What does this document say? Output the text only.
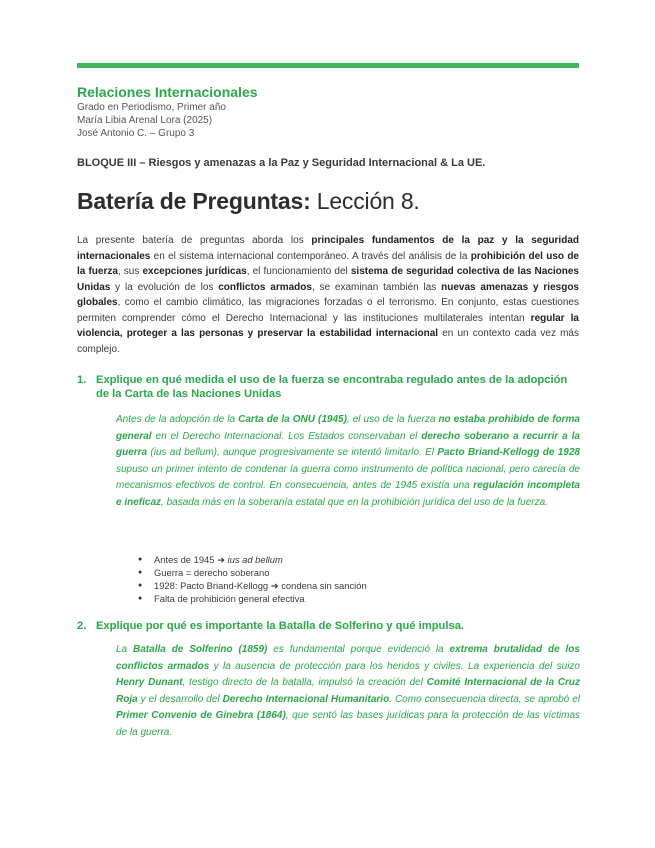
Relaciones Internacionales
Grado en Periodismo, Primer año
María Libia Arenal Lora (2025)
José Antonio C. – Grupo 3
BLOQUE III – Riesgos y amenazas a la Paz y Seguridad Internacional & La UE.
Batería de Preguntas: Lección 8.
La presente batería de preguntas aborda los principales fundamentos de la paz y la seguridad internacionales en el sistema internacional contemporáneo. A través del análisis de la prohibición del uso de la fuerza, sus excepciones jurídicas, el funcionamiento del sistema de seguridad colectiva de las Naciones Unidas y la evolución de los conflictos armados, se examinan también las nuevas amenazas y riesgos globales, como el cambio climático, las migraciones forzadas o el terrorismo. En conjunto, estas cuestiones permiten comprender cómo el Derecho Internacional y las instituciones multilaterales intentan regular la violencia, proteger a las personas y preservar la estabilidad internacional en un contexto cada vez más complejo.
1. Explique en qué medida el uso de la fuerza se encontraba regulado antes de la adopción de la Carta de las Naciones Unidas
Antes de la adopción de la Carta de la ONU (1945), el uso de la fuerza no estaba prohibido de forma general en el Derecho Internacional. Los Estados conservaban el derecho soberano a recurrir a la guerra (ius ad bellum), aunque progresivamente se intentó limitarlo. El Pacto Briand-Kellogg de 1928 supuso un primer intento de condenar la guerra como instrumento de política nacional, pero carecía de mecanismos efectivos de control. En consecuencia, antes de 1945 existía una regulación incompleta e ineficaz, basada más en la soberanía estatal que en la prohibición jurídica del uso de la fuerza.
● Antes de 1945 ➜ ius ad bellum
● Guerra = derecho soberano
● 1928: Pacto Briand-Kellogg ➜ condena sin sanción
● Falta de prohibición general efectiva
2. Explique por qué es importante la Batalla de Solferino y qué impulsa.
La Batalla de Solferino (1859) es fundamental porque evidenció la extrema brutalidad de los conflictos armados y la ausencia de protección para los heridos y civiles. La experiencia del suizo Henry Dunant, testigo directo de la batalla, impulsó la creación del Comité Internacional de la Cruz Roja y el desarrollo del Derecho Internacional Humanitario. Como consecuencia directa, se aprobó el Primer Convenio de Ginebra (1864), que sentó las bases jurídicas para la protección de las víctimas de la guerra.
